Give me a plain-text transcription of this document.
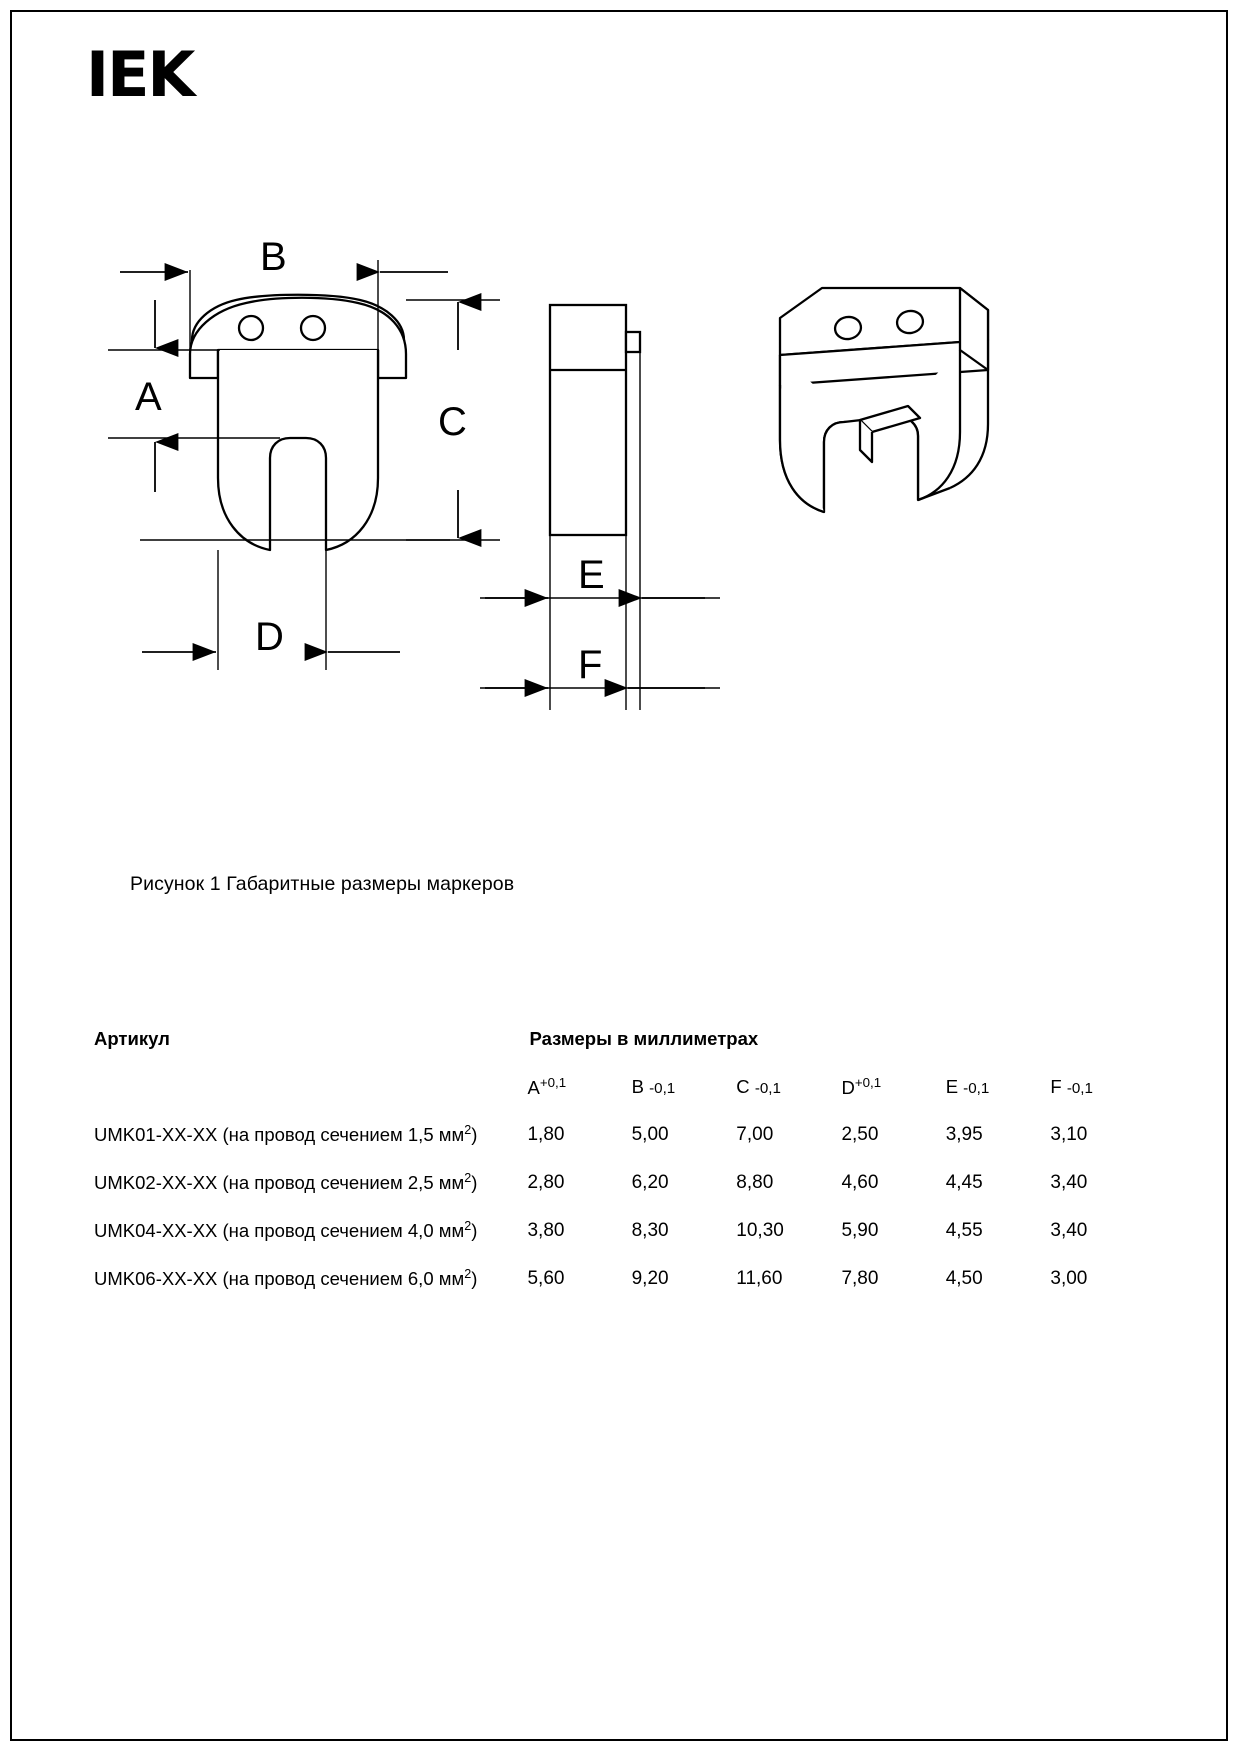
IEK
B
A
C
D
E
F
Рисунок 1 Габаритные размеры маркеров
Артикул	Размеры в миллиметрах					
	$A^{+0,1}$	B -0,1	C -0,1	$D^{+0,1}$	E -0,1	F -0,1
UMK01-XX-XX (на провод сечением 1,5 $мм^2$)	1,80	5,00	7,00	2,50	3,95	3,10
UMK02-XX-XX (на провод сечением 2,5 $мм^2$)	2,80	6,20	8,80	4,60	4,45	3,40
UMK04-XX-XX (на провод сечением 4,0 $мм^2$)	3,80	8,30	10,30	5,90	4,55	3,40
UMK06-XX-XX (на провод сечением 6,0 $мм^2$)	5,60	9,20	11,60	7,80	4,50	3,00
